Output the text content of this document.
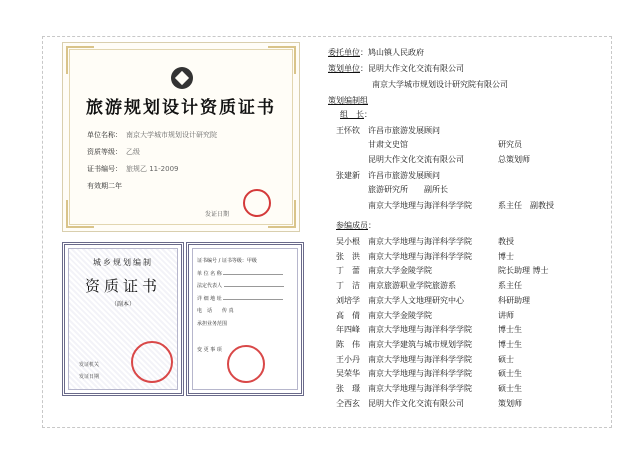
旅游规划设计资质证书
单位名称： 南京大学城市规划设计研究院
资质等级： 乙级
证书编号： 旅规乙 11-2009
有效期二年
发证日期
城乡规划编制
资质证书
（副本）
发证机关
发证日期
证书编号 / 证书等级：甲级
单 位 名 称
法定代表人
详 细 地 址
电　话　　传 真
承担业务范围
变 更 事 项
委托单位：鸠山镇人民政府
策划单位：昆明大作文化交流有限公司
南京大学城市规划设计研究院有限公司
策划编制组
组　长：
王怀钦 许昌市旅游发展顾问
甘肃文史馆	研究员
昆明大作文化交流有限公司	总策划师
张建新 许昌市旅游发展顾问
旅游研究所　　副所长
南京大学地理与海洋科学学院	系主任　副教授
参编成员：
吴小根 南京大学地理与海洋科学学院	教授
张　洪 南京大学地理与海洋科学学院	博士
丁　蕾 南京大学金陵学院	院长助理 博士
丁　洁 南京旅游职业学院旅游系	系主任
刘培学 南京大学人文地理研究中心	科研助理
高　倩 南京大学金陵学院	讲师
年四峰 南京大学地理与海洋科学学院	博士生
陈　伟 南京大学建筑与城市规划学院	博士生
王小丹 南京大学地理与海洋科学学院	硕士
吴荣华 南京大学地理与海洋科学学院	硕士生
张　璟 南京大学地理与海洋科学学院	硕士生
仝西玄 昆明大作文化交流有限公司	策划师
